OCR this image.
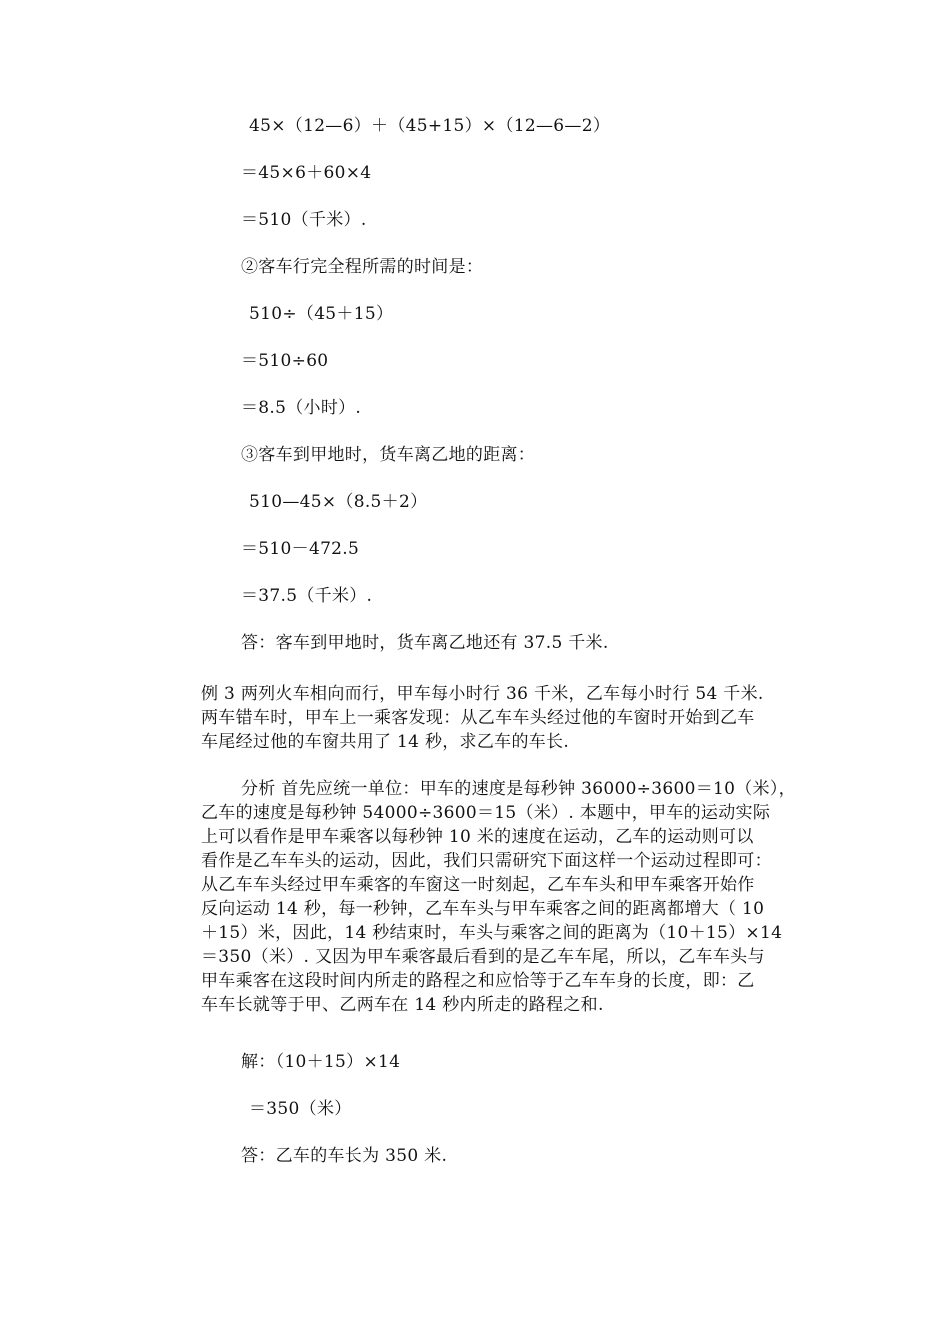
45×（12—6）＋（45+15）×（12—6—2）
＝45×6＋60×4
＝510（千米）.
②客车行完全程所需的时间是：
510÷（45＋15）
＝510÷60
＝8.5（小时）.
③客车到甲地时，货车离乙地的距离：
510—45×（8.5＋2）
＝510－472.5
＝37.5（千米）.
答：客车到甲地时，货车离乙地还有 37.5 千米.
例 3 两列火车相向而行，甲车每小时行 36 千米，乙车每小时行 54 千米.
两车错车时，甲车上一乘客发现：从乙车车头经过他的车窗时开始到乙车
车尾经过他的车窗共用了 14 秒，求乙车的车长.
分析 首先应统一单位：甲车的速度是每秒钟 36000÷3600＝10（米），
乙车的速度是每秒钟 54000÷3600＝15（米）. 本题中，甲车的运动实际
上可以看作是甲车乘客以每秒钟 10 米的速度在运动，乙车的运动则可以
看作是乙车车头的运动，因此，我们只需研究下面这样一个运动过程即可：
从乙车车头经过甲车乘客的车窗这一时刻起，乙车车头和甲车乘客开始作
反向运动 14 秒，每一秒钟，乙车车头与甲车乘客之间的距离都增大（ 10
＋15）米，因此，14 秒结束时，车头与乘客之间的距离为（10＋15）×14
＝350（米）. 又因为甲车乘客最后看到的是乙车车尾，所以，乙车车头与
甲车乘客在这段时间内所走的路程之和应恰等于乙车车身的长度，即：乙
车车长就等于甲、乙两车在 14 秒内所走的路程之和.
解：（10＋15）×14
＝350（米）
答：乙车的车长为 350 米.
